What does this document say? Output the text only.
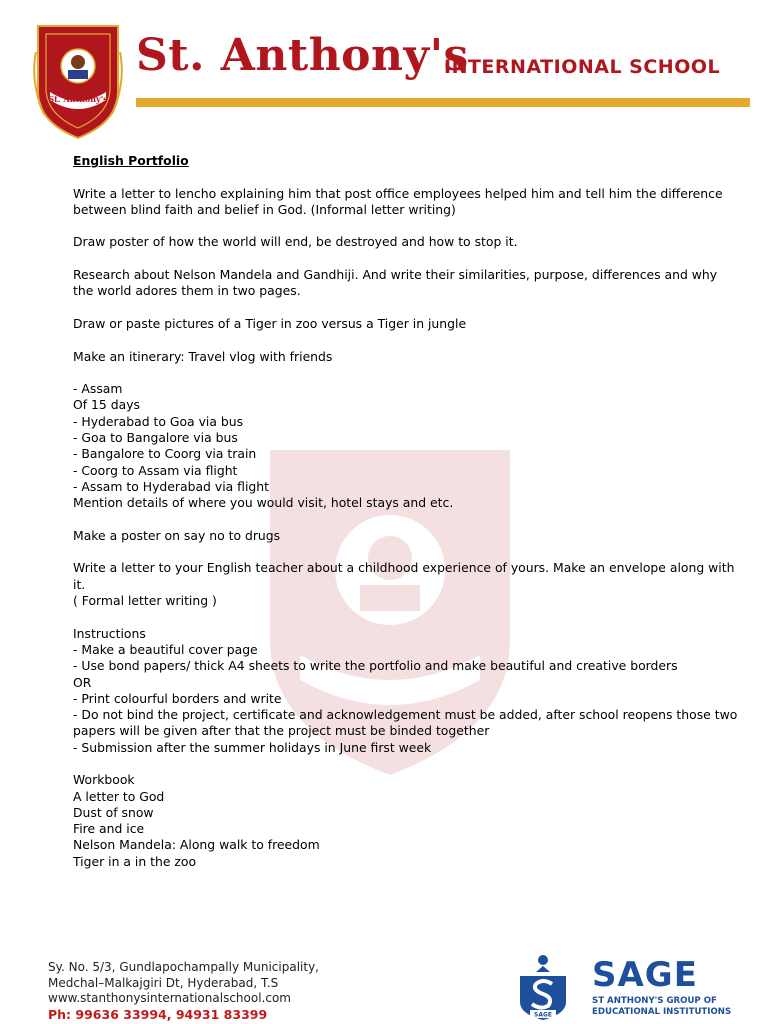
St. Anthony's
St. Anthony's
INTERNATIONAL SCHOOL

English Portfolio

Write a letter to lencho explaining him that post office employees helped him and tell him the difference between blind faith and belief in God. (Informal letter writing)

Draw poster of how the world will end, be destroyed and how to stop it.

Research about Nelson Mandela and Gandhiji. And write their similarities, purpose, differences and why the world adores them in two pages.

Draw or paste pictures of a Tiger in zoo versus a Tiger in jungle

Make an itinerary: Travel vlog with friends

- Assam

Of 15 days

- Hyderabad to Goa via bus

- Goa to Bangalore via bus

- Bangalore to Coorg via train

- Coorg to Assam via flight

- Assam to Hyderabad via flight

Mention details of where you would visit, hotel stays and etc.

Make a poster on say no to drugs

Write a letter to your English teacher about a childhood experience of yours. Make an envelope along with it.

( Formal letter writing )

Instructions

- Make a beautiful cover page

- Use bond papers/ thick A4 sheets to write the portfolio and make beautiful and creative borders

OR

- Print colourful borders and write

- Do not bind the project, certificate and acknowledgement must be added, after school reopens those two papers will be given after that the project must be binded together

- Submission after the summer holidays in June first week

Workbook

A letter to God

Dust of snow

Fire and ice

Nelson Mandela: Along walk to freedom

Tiger in a in the zoo

Sy. No. 5/3, Gundlapochampally Municipality,
Medchal–Malkajgiri Dt, Hyderabad, T.S
www.stanthonysinternationalschool.com
Ph: 99636 33994, 94931 83399	SAGE
SAGE
ST ANTHONY'S GROUP OF
EDUCATIONAL INSTITUTIONS
